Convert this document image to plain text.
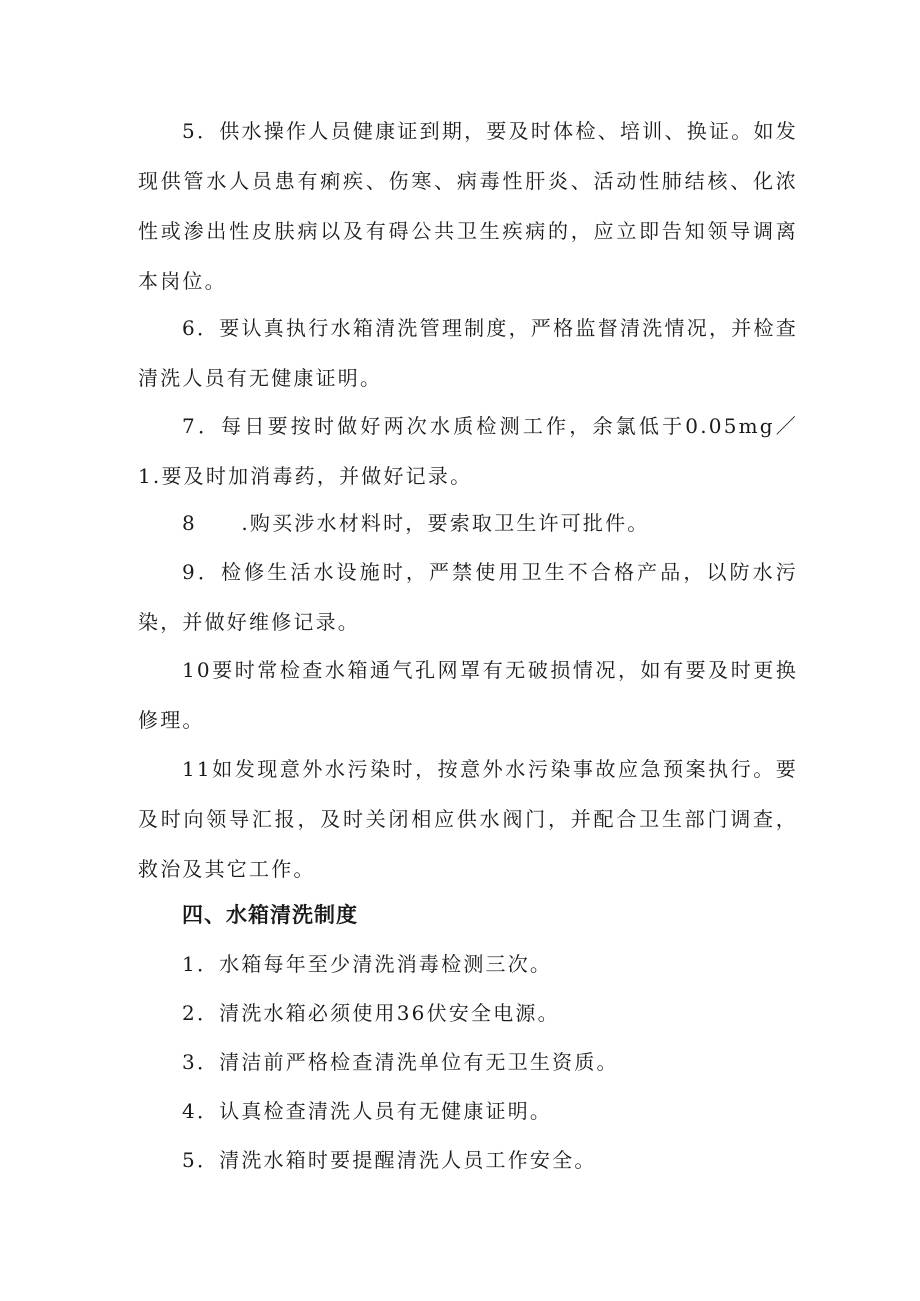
5．供水操作人员健康证到期，要及时体检、培训、换证。如发现供管水人员患有痢疾、伤寒、病毒性肝炎、活动性肺结核、化浓性或渗出性皮肤病以及有碍公共卫生疾病的，应立即告知领导调离本岗位。

6．要认真执行水箱清洗管理制度，严格监督清洗情况，并检查清洗人员有无健康证明。

7．每日要按时做好两次水质检测工作，余氯低于0.05mg／1.要及时加消毒药，并做好记录。

8　　.购买涉水材料时，要索取卫生许可批件。

9．检修生活水设施时，严禁使用卫生不合格产品，以防水污染，并做好维修记录。

10要时常检查水箱通气孔网罩有无破损情况，如有要及时更换修理。

11如发现意外水污染时，按意外水污染事故应急预案执行。要及时向领导汇报，及时关闭相应供水阀门，并配合卫生部门调查，救治及其它工作。

四、水箱清洗制度

1．水箱每年至少清洗消毒检测三次。

2．清洗水箱必须使用36伏安全电源。

3．清洁前严格检查清洗单位有无卫生资质。

4．认真检查清洗人员有无健康证明。

5．清洗水箱时要提醒清洗人员工作安全。
